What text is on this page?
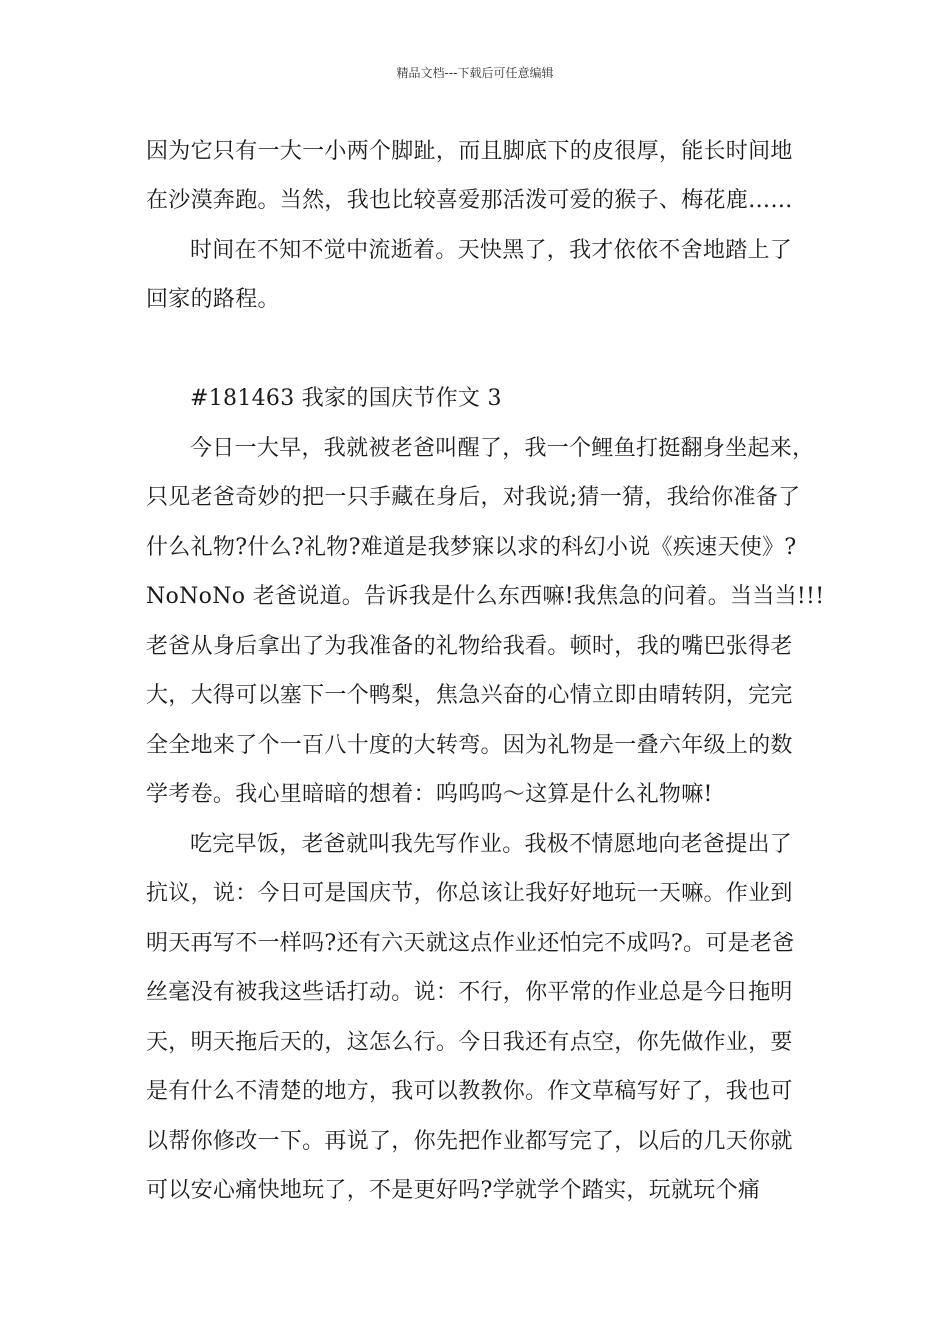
精品文档---下载后可任意编辑
因为它只有一大一小两个脚趾，而且脚底下的皮很厚，能长时间地
在沙漠奔跑。当然，我也比较喜爱那活泼可爱的猴子、梅花鹿……
时间在不知不觉中流逝着。天快黑了，我才依依不舍地踏上了
回家的路程。
#181463 我家的国庆节作文 3
今日一大早，我就被老爸叫醒了，我一个鲤鱼打挺翻身坐起来，
只见老爸奇妙的把一只手藏在身后，对我说;猜一猜，我给你准备了
什么礼物?什么?礼物?难道是我梦寐以求的科幻小说《疾速天使》?
NoNoNo 老爸说道。告诉我是什么东西嘛!我焦急的问着。当当当!!!
老爸从身后拿出了为我准备的礼物给我看。顿时，我的嘴巴张得老
大，大得可以塞下一个鸭梨，焦急兴奋的心情立即由晴转阴，完完
全全地来了个一百八十度的大转弯。因为礼物是一叠六年级上的数
学考卷。我心里暗暗的想着：呜呜呜～这算是什么礼物嘛!
吃完早饭，老爸就叫我先写作业。我极不情愿地向老爸提出了
抗议，说：今日可是国庆节，你总该让我好好地玩一天嘛。作业到
明天再写不一样吗?还有六天就这点作业还怕完不成吗?。可是老爸
丝毫没有被我这些话打动。说：不行，你平常的作业总是今日拖明
天，明天拖后天的，这怎么行。今日我还有点空，你先做作业，要
是有什么不清楚的地方，我可以教教你。作文草稿写好了，我也可
以帮你修改一下。再说了，你先把作业都写完了，以后的几天你就
可以安心痛快地玩了，不是更好吗?学就学个踏实，玩就玩个痛
